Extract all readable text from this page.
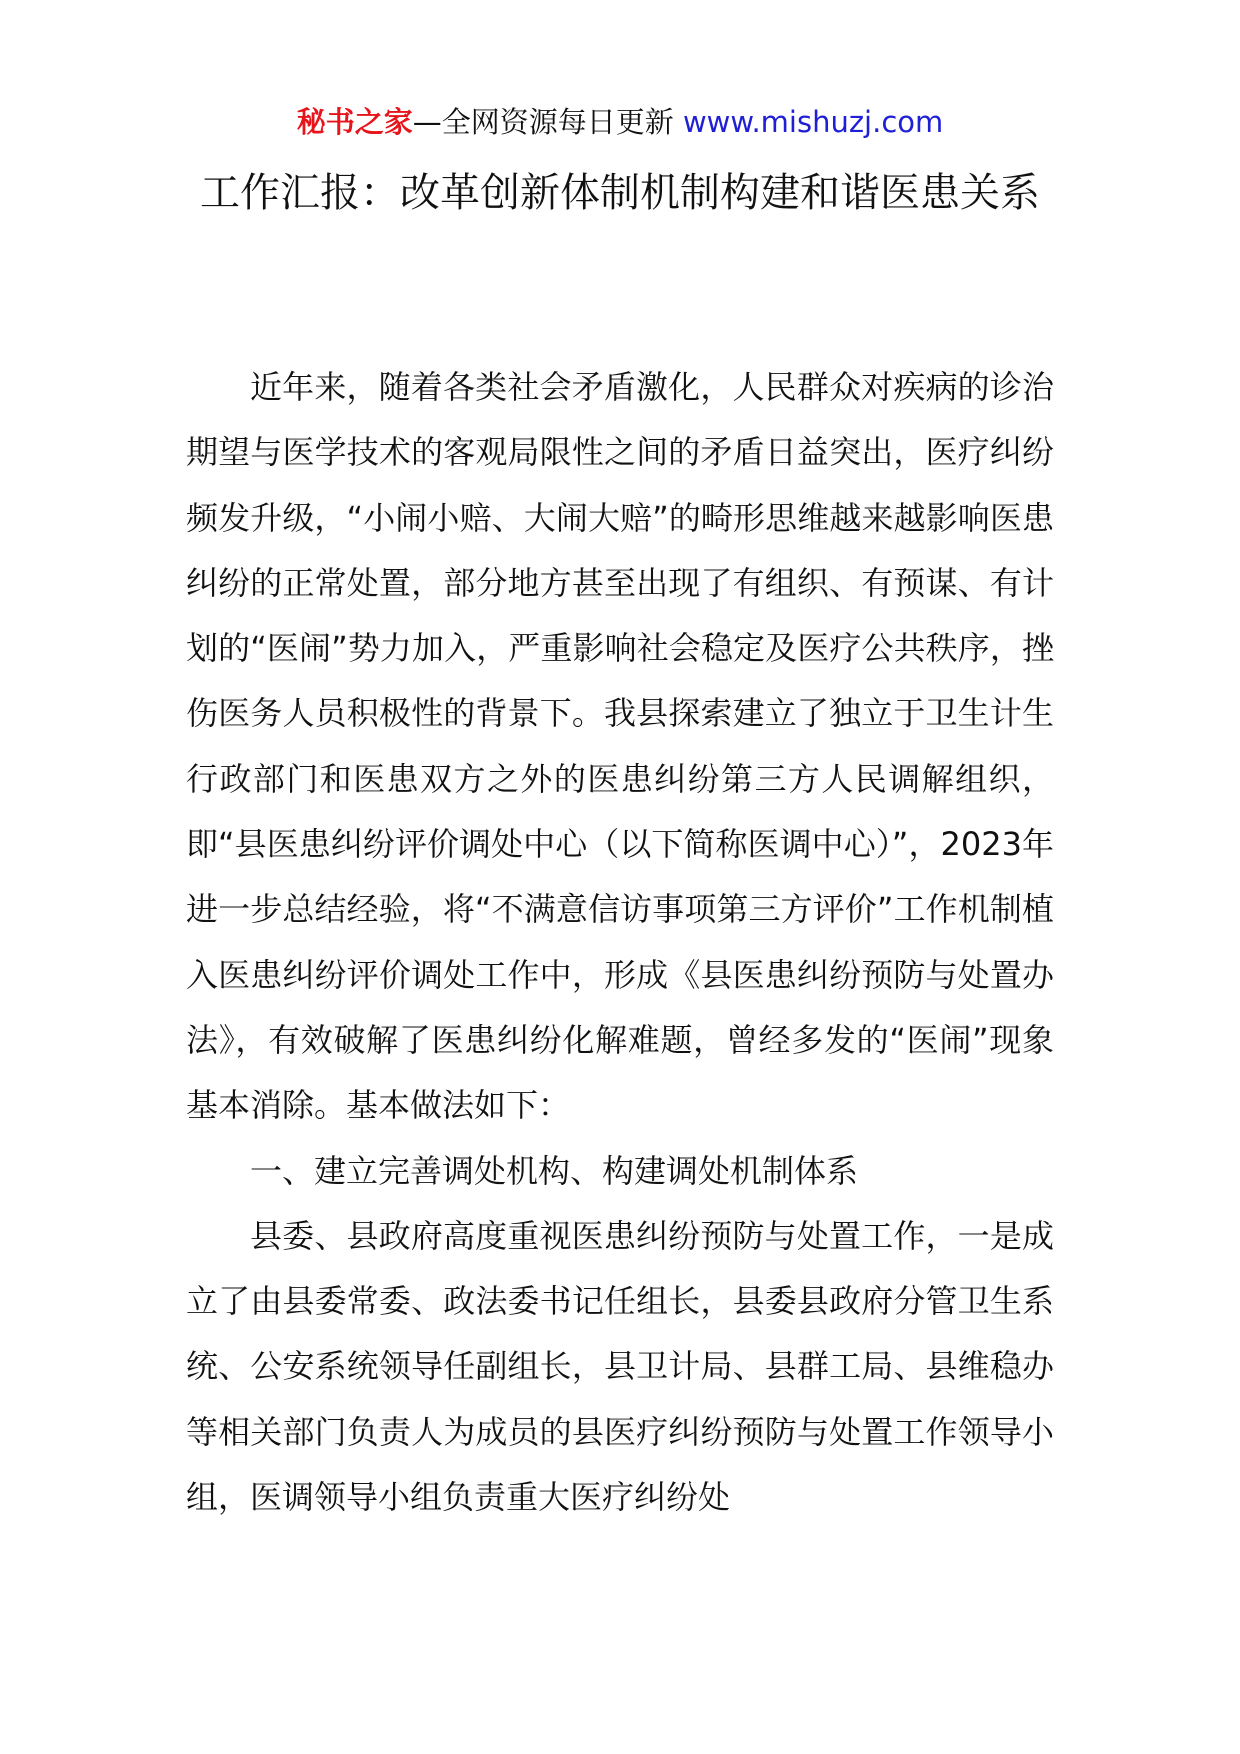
秘书之家—全网资源每日更新 www.mishuzj.com
工作汇报：改革创新体制机制构建和谐医患关系

近年来，随着各类社会矛盾激化，人民群众对疾病的诊治期望与医学技术的客观局限性之间的矛盾日益突出，医疗纠纷频发升级，“小闹小赔、大闹大赔”的畸形思维越来越影响医患纠纷的正常处置，部分地方甚至出现了有组织、有预谋、有计划的“医闹”势力加入，严重影响社会稳定及医疗公共秩序，挫伤医务人员积极性的背景下。我县探索建立了独立于卫生计生行政部门和医患双方之外的医患纠纷第三方人民调解组织，即“县医患纠纷评价调处中心（以下简称医调中心）”，2023年进一步总结经验，将“不满意信访事项第三方评价”工作机制植入医患纠纷评价调处工作中，形成《县医患纠纷预防与处置办法》，有效破解了医患纠纷化解难题，曾经多发的“医闹”现象基本消除。基本做法如下：

一、建立完善调处机构、构建调处机制体系

县委、县政府高度重视医患纠纷预防与处置工作，一是成立了由县委常委、政法委书记任组长，县委县政府分管卫生系统、公安系统领导任副组长，县卫计局、县群工局、县维稳办等相关部门负责人为成员的县医疗纠纷预防与处置工作领导小组，医调领导小组负责重大医疗纠纷处
